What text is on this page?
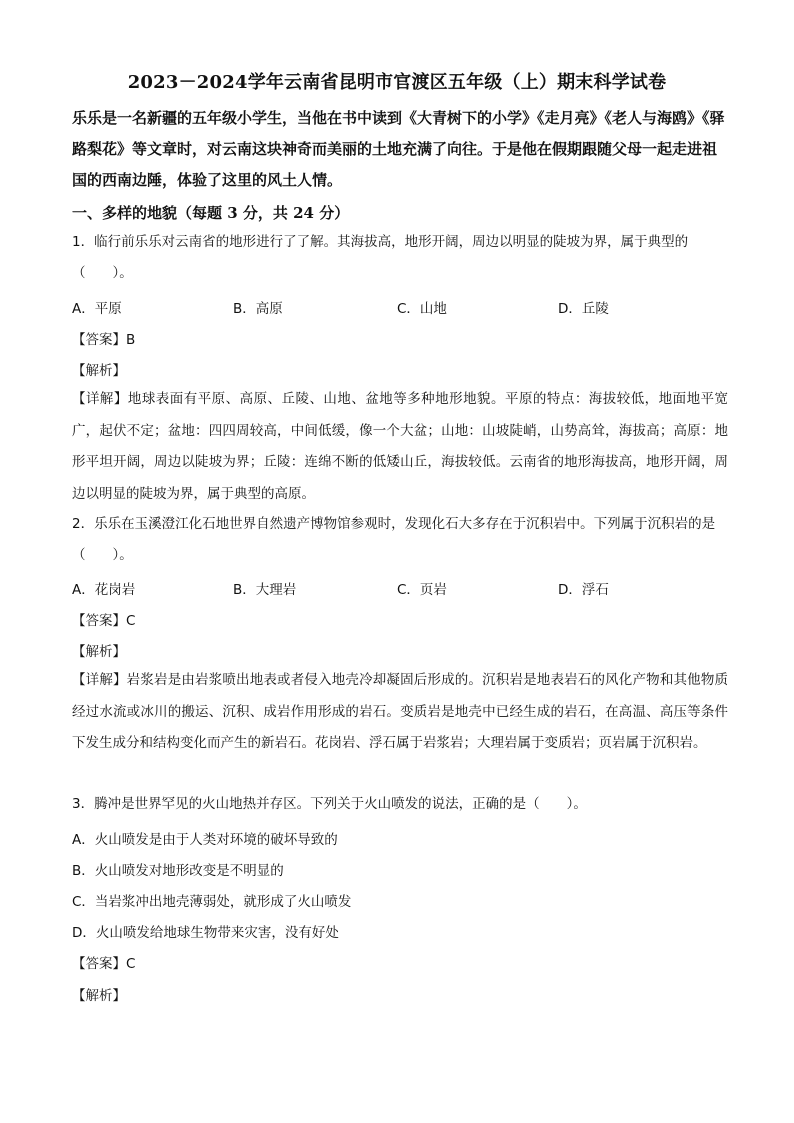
2023－2024学年云南省昆明市官渡区五年级（上）期末科学试卷
乐乐是一名新疆的五年级小学生，当他在书中读到《大青树下的小学》《走月亮》《老人与海鸥》《驿路梨花》等文章时，对云南这块神奇而美丽的土地充满了向往。于是他在假期跟随父母一起走进祖国的西南边陲，体验了这里的风土人情。
一、多样的地貌（每题 3 分，共 24 分）
1．临行前乐乐对云南省的地形进行了了解。其海拔高，地形开阔，周边以明显的陡坡为界，属于典型的（　　）。
A．平原	B．高原	C．山地	D．丘陵
【答案】B
【解析】
【详解】地球表面有平原、高原、丘陵、山地、盆地等多种地形地貌。平原的特点：海拔较低，地面地平宽广，起伏不定；盆地：四四周较高，中间低缓，像一个大盆；山地：山坡陡峭，山势高耸，海拔高；高原：地形平坦开阔，周边以陡坡为界；丘陵：连绵不断的低矮山丘，海拔较低。云南省的地形海拔高，地形开阔，周边以明显的陡坡为界，属于典型的高原。
2．乐乐在玉溪澄江化石地世界自然遗产博物馆参观时，发现化石大多存在于沉积岩中。下列属于沉积岩的是（　　）。
A．花岗岩	B．大理岩	C．页岩	D．浮石
【答案】C
【解析】
【详解】岩浆岩是由岩浆喷出地表或者侵入地壳冷却凝固后形成的。沉积岩是地表岩石的风化产物和其他物质经过水流或冰川的搬运、沉积、成岩作用形成的岩石。变质岩是地壳中已经生成的岩石，在高温、高压等条件下发生成分和结构变化而产生的新岩石。花岗岩、浮石属于岩浆岩；大理岩属于变质岩；页岩属于沉积岩。
3．腾冲是世界罕见的火山地热并存区。下列关于火山喷发的说法，正确的是（　　）。
A．火山喷发是由于人类对环境的破坏导致的
B．火山喷发对地形改变是不明显的
C．当岩浆冲出地壳薄弱处，就形成了火山喷发
D．火山喷发给地球生物带来灾害，没有好处
【答案】C
【解析】
